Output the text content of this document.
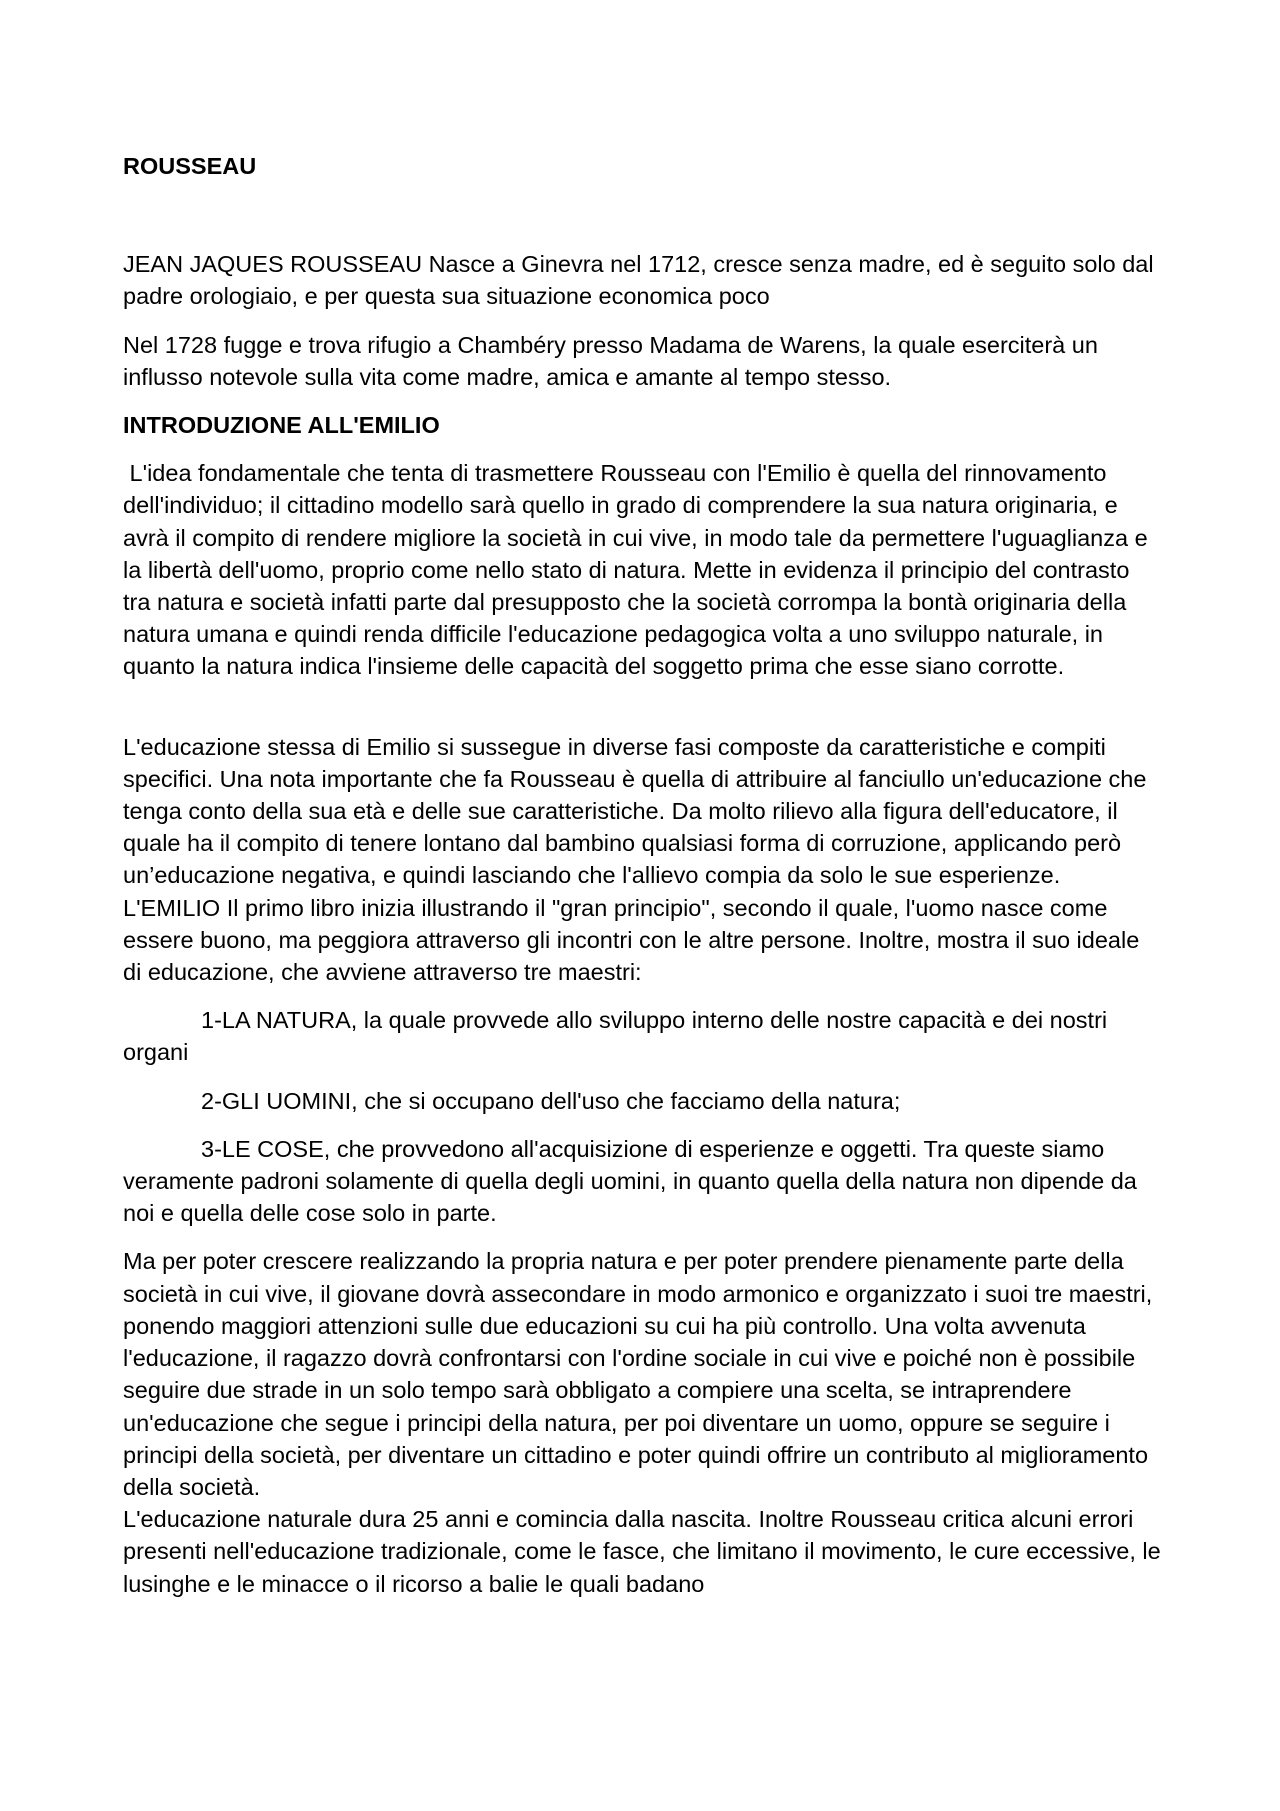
ROUSSEAU

JEAN JAQUES ROUSSEAU Nasce a Ginevra nel 1712, cresce senza madre, ed è seguito solo dal padre orologiaio, e per questa sua situazione economica poco

Nel 1728 fugge e trova rifugio a Chambéry presso Madama de Warens, la quale eserciterà un influsso notevole sulla vita come madre, amica e amante al tempo stesso.

INTRODUZIONE ALL'EMILIO

L'idea fondamentale che tenta di trasmettere Rousseau con l'Emilio è quella del rinnovamento dell'individuo; il cittadino modello sarà quello in grado di comprendere la sua natura originaria, e avrà il compito di rendere migliore la società in cui vive, in modo tale da permettere l'uguaglianza e la libertà dell'uomo, proprio come nello stato di natura. Mette in evidenza il principio del contrasto tra natura e società infatti parte dal presupposto che la società corrompa la bontà originaria della natura umana e quindi renda difficile l'educazione pedagogica volta a uno sviluppo naturale, in quanto la natura indica l'insieme delle capacità del soggetto prima che esse siano corrotte.

L'educazione stessa di Emilio si sussegue in diverse fasi composte da caratteristiche e compiti specifici. Una nota importante che fa Rousseau è quella di attribuire al fanciullo un'educazione che tenga conto della sua età e delle sue caratteristiche. Da molto rilievo alla figura dell'educatore, il quale ha il compito di tenere lontano dal bambino qualsiasi forma di corruzione, applicando però un’educazione negativa, e quindi lasciando che l'allievo compia da solo le sue esperienze. L'EMILIO Il primo libro inizia illustrando il "gran principio", secondo il quale, l'uomo nasce come essere buono, ma peggiora attraverso gli incontri con le altre persone. Inoltre, mostra il suo ideale di educazione, che avviene attraverso tre maestri:

1-LA NATURA, la quale provvede allo sviluppo interno delle nostre capacità e dei nostri organi

2-GLI UOMINI, che si occupano dell'uso che facciamo della natura;

3-LE COSE, che provvedono all'acquisizione di esperienze e oggetti. Tra queste siamo veramente padroni solamente di quella degli uomini, in quanto quella della natura non dipende da noi e quella delle cose solo in parte.

Ma per poter crescere realizzando la propria natura e per poter prendere pienamente parte della società in cui vive, il giovane dovrà assecondare in modo armonico e organizzato i suoi tre maestri, ponendo maggiori attenzioni sulle due educazioni su cui ha più controllo. Una volta avvenuta l'educazione, il ragazzo dovrà confrontarsi con l'ordine sociale in cui vive e poiché non è possibile seguire due strade in un solo tempo sarà obbligato a compiere una scelta, se intraprendere un'educazione che segue i principi della natura, per poi diventare un uomo, oppure se seguire i principi della società, per diventare un cittadino e poter quindi offrire un contributo al miglioramento della società.

L'educazione naturale dura 25 anni e comincia dalla nascita. Inoltre Rousseau critica alcuni errori presenti nell'educazione tradizionale, come le fasce, che limitano il movimento, le cure eccessive, le lusinghe e le minacce o il ricorso a balie le quali badano
